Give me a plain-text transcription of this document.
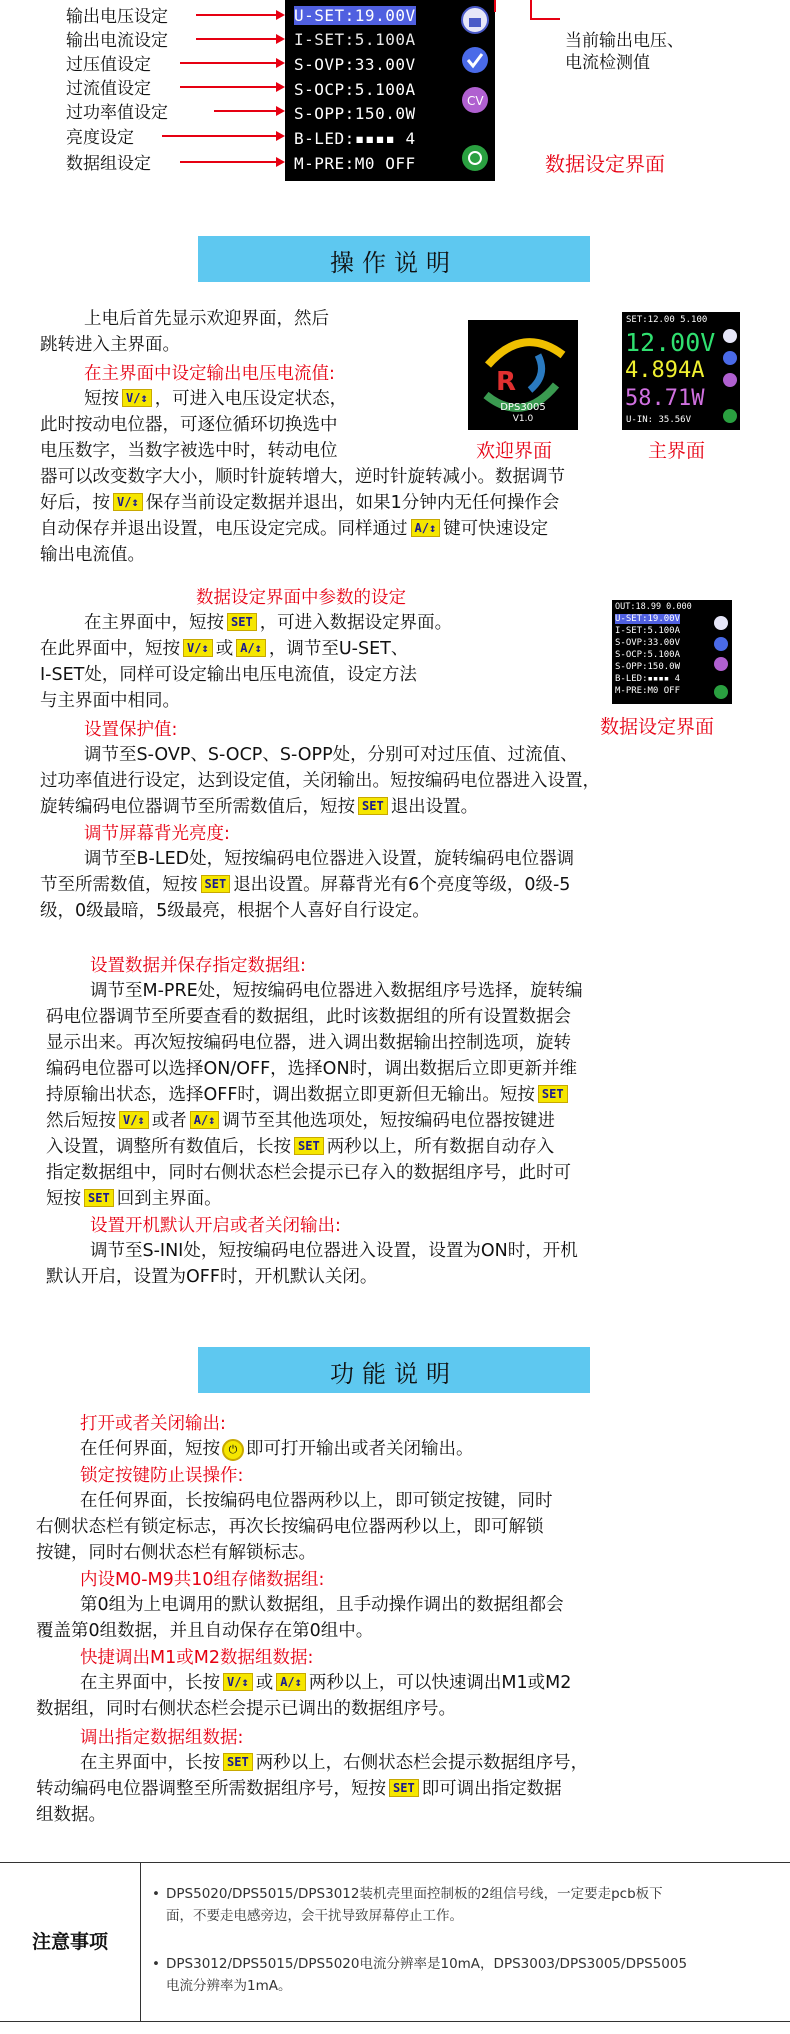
输出电压设定
输出电流设定
过压值设定
过流值设定
过功率值设定
亮度设定
数据组设定
U-SET:19.00V
I-SET:5.100A
S-OVP:33.00V
S-OCP:5.100A
S-OPP:150.0W
B-LED:▪▪▪▪ 4
M-PRE:M0 OFF
CV
当前输出电压、
电流检测值
数据设定界面
操作说明
上电后首先显示欢迎界面，然后
跳转进入主界面。
在主界面中设定输出电压电流值:
短按 V/↕ ，可进入电压设定状态，
此时按动电位器，可逐位循环切换选中
电压数字，当数字被选中时，转动电位
器可以改变数字大小，顺时针旋转增大，逆时针旋转减小。数据调节
好后，按 V/↕ 保存当前设定数据并退出，如果1分钟内无任何操作会
自动保存并退出设置，电压设定完成。同样通过 A/↕ 键可快速设定
输出电流值。
R
DPS3005
V1.0
欢迎界面
SET:12.00 5.100
12.00V
4.894A
58.71W
U-IN: 35.56V
主界面
数据设定界面中参数的设定
在主界面中，短按 SET ，可进入数据设定界面。
在此界面中，短按 V/↕ 或 A/↕ ，调节至U-SET、
I-SET处，同样可设定输出电压电流值，设定方法
与主界面中相同。
OUT:18.99 0.000
U-SET:19.00V
I-SET:5.100A
S-OVP:33.00V
S-OCP:5.100A
S-OPP:150.0W
B-LED:▪▪▪▪ 4
M-PRE:M0 OFF
数据设定界面
设置保护值:
调节至S-OVP、S-OCP、S-OPP处，分别可对过压值、过流值、
过功率值进行设定，达到设定值，关闭输出。短按编码电位器进入设置，
旋转编码电位器调节至所需数值后，短按 SET 退出设置。
调节屏幕背光亮度:
调节至B-LED处，短按编码电位器进入设置，旋转编码电位器调
节至所需数值，短按 SET 退出设置。屏幕背光有6个亮度等级，0级-5
级，0级最暗，5级最亮，根据个人喜好自行设定。
设置数据并保存指定数据组:
调节至M-PRE处，短按编码电位器进入数据组序号选择，旋转编
码电位器调节至所要查看的数据组，此时该数据组的所有设置数据会
显示出来。再次短按编码电位器，进入调出数据输出控制选项，旋转
编码电位器可以选择ON/OFF，选择ON时，调出数据后立即更新并维
持原输出状态，选择OFF时，调出数据立即更新但无输出。短按 SET
然后短按 V/↕ 或者 A/↕ 调节至其他选项处，短按编码电位器按键进
入设置，调整所有数值后，长按 SET 两秒以上，所有数据自动存入
指定数据组中，同时右侧状态栏会提示已存入的数据组序号，此时可
短按 SET 回到主界面。
设置开机默认开启或者关闭输出:
调节至S-INI处，短按编码电位器进入设置，设置为ON时，开机
默认开启，设置为OFF时，开机默认关闭。
功能说明
打开或者关闭输出:
在任何界面，短按 ⏻ 即可打开输出或者关闭输出。
锁定按键防止误操作:
在任何界面，长按编码电位器两秒以上，即可锁定按键，同时
右侧状态栏有锁定标志，再次长按编码电位器两秒以上，即可解锁
按键，同时右侧状态栏有解锁标志。
内设M0-M9共10组存储数据组:
第0组为上电调用的默认数据组，且手动操作调出的数据组都会
覆盖第0组数据，并且自动保存在第0组中。
快捷调出M1或M2数据组数据:
在主界面中，长按 V/↕ 或 A/↕ 两秒以上，可以快速调出M1或M2
数据组，同时右侧状态栏会提示已调出的数据组序号。
调出指定数据组数据:
在主界面中，长按 SET 两秒以上，右侧状态栏会提示数据组序号，
转动编码电位器调整至所需数据组序号，短按 SET 即可调出指定数据
组数据。
注意事项
• DPS5020/DPS5015/DPS3012装机壳里面控制板的2组信号线，一定要走pcb板下
面，不要走电感旁边，会干扰导致屏幕停止工作。
• DPS3012/DPS5015/DPS5020电流分辨率是10mA，DPS3003/DPS3005/DPS5005
电流分辨率为1mA。
